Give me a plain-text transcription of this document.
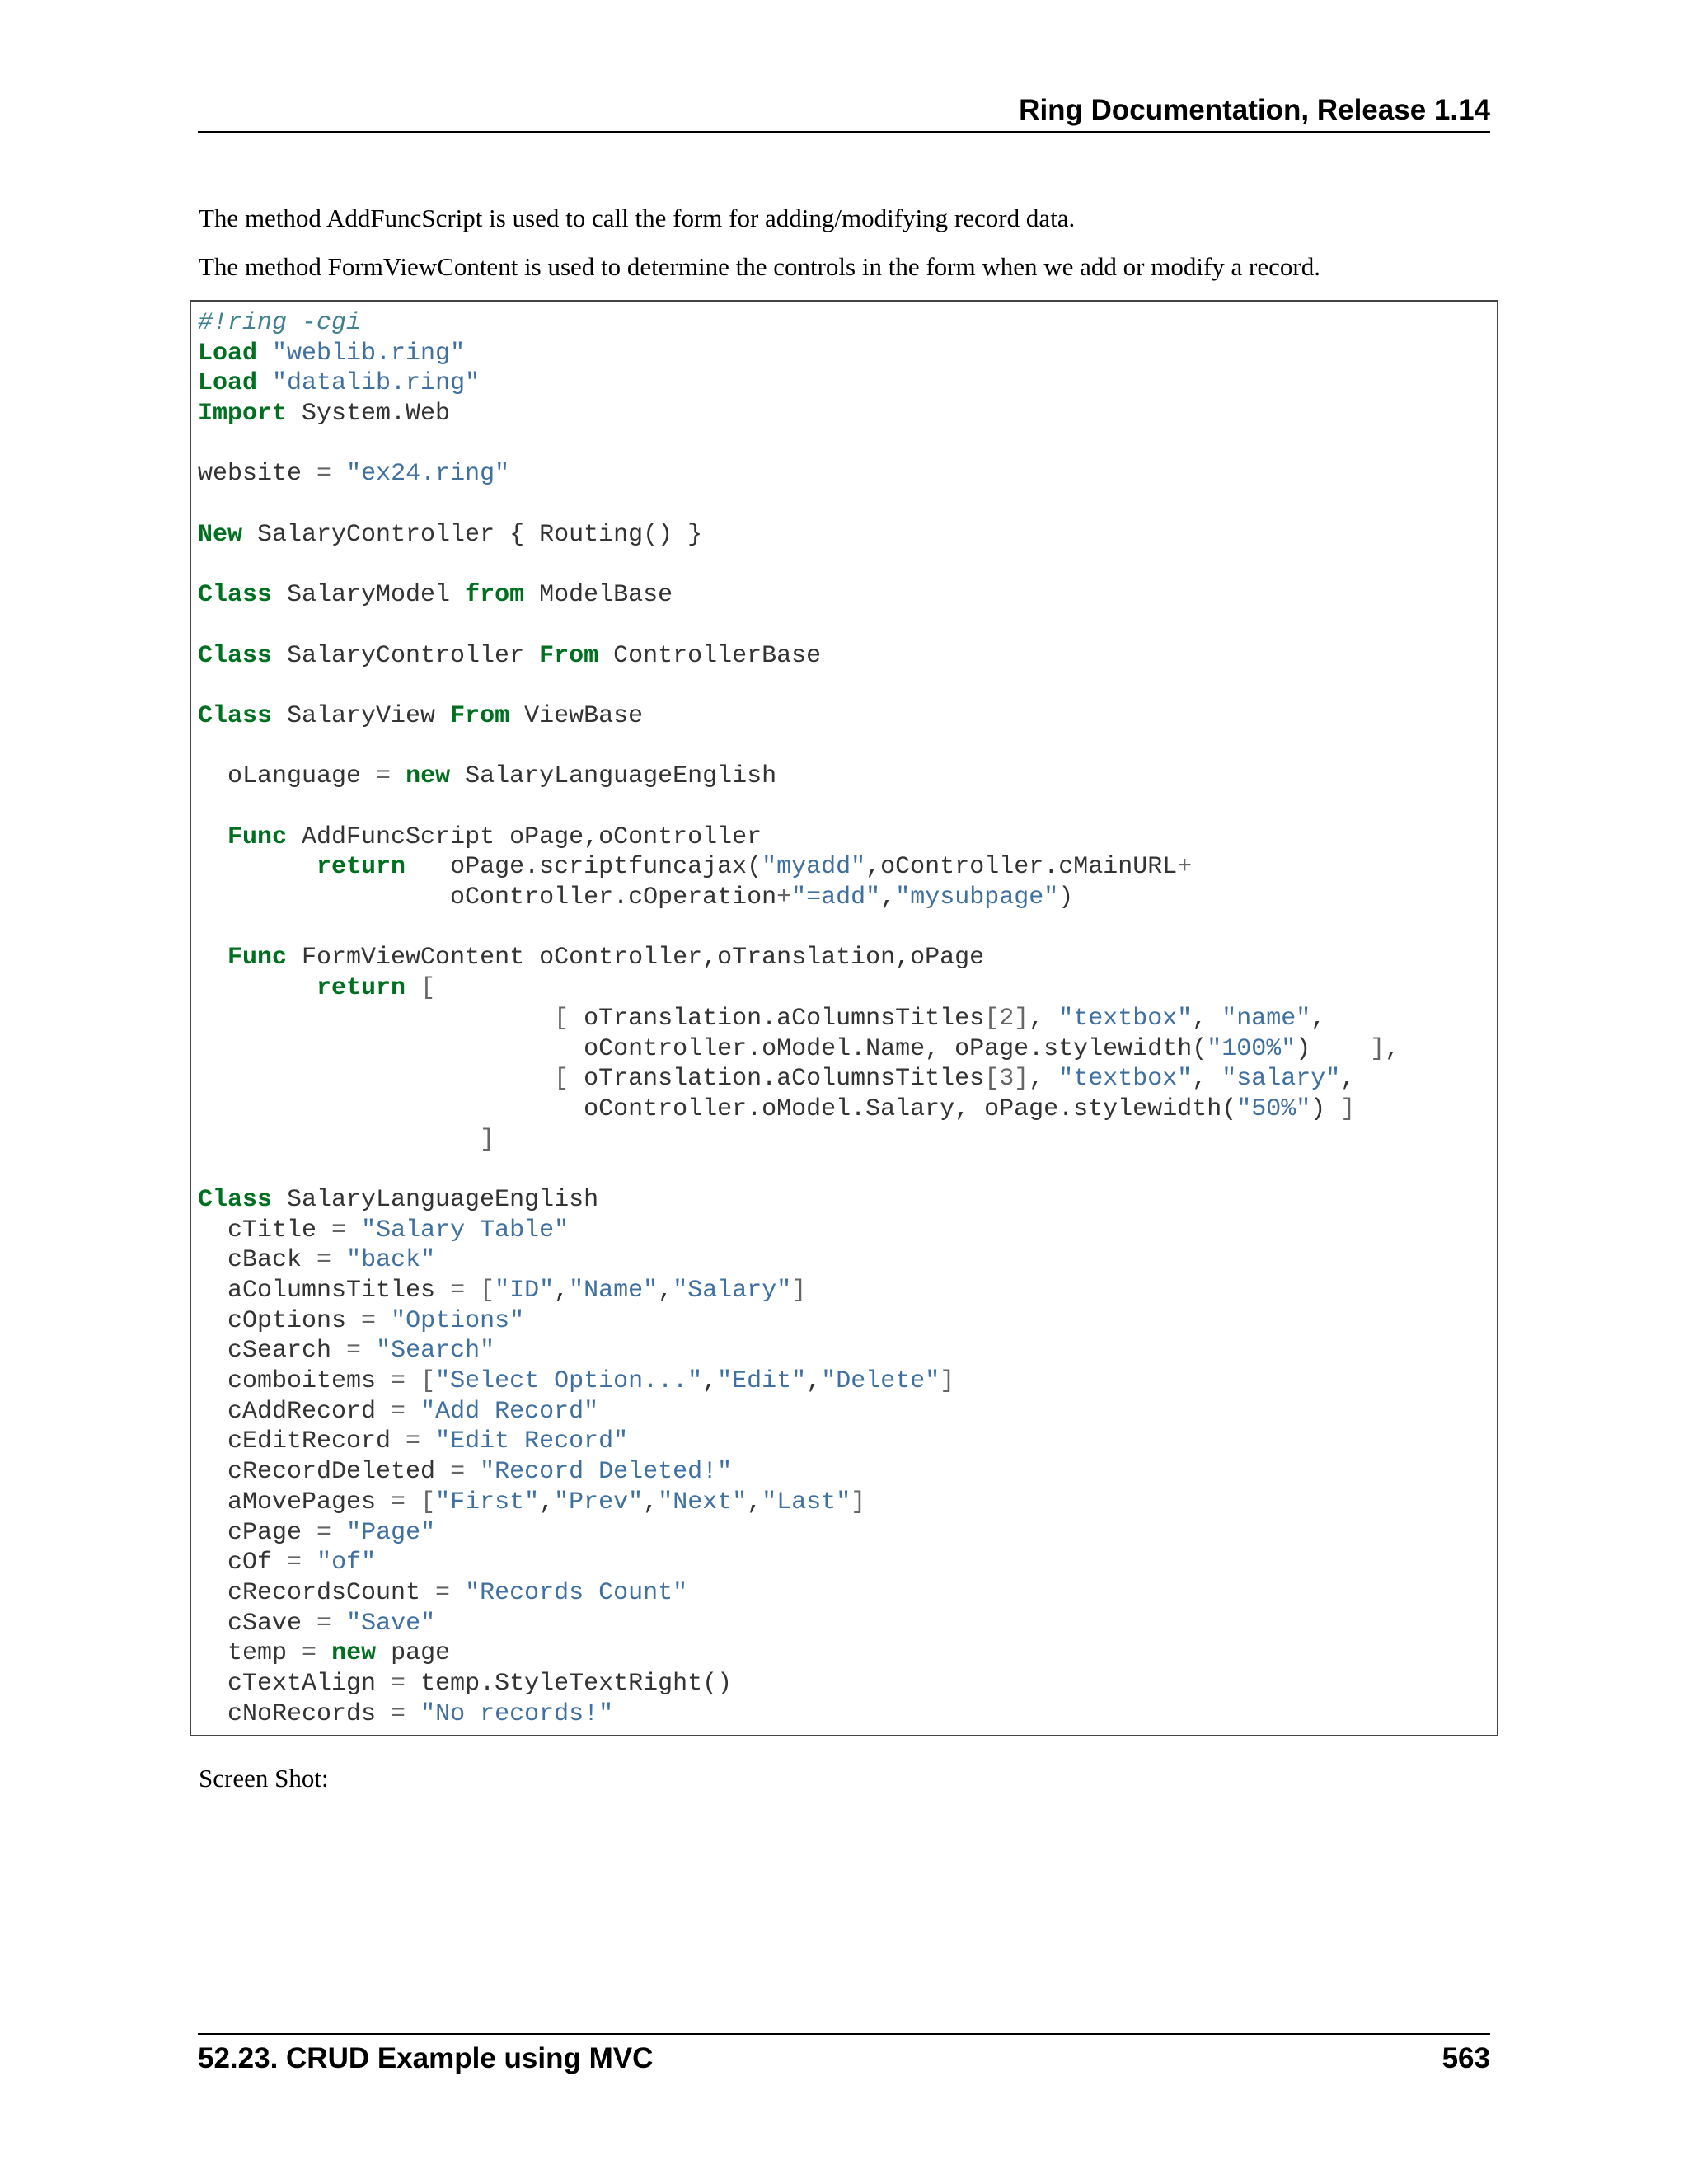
Ring Documentation, Release 1.14

The method AddFuncScript is used to call the form for adding/modifying record data.

The method FormViewContent is used to determine the controls in the form when we add or modify a record.

#!ring -cgi
Load "weblib.ring"
Load "datalib.ring"
Import System.Web
website = "ex24.ring"
New SalaryController { Routing() }
Class SalaryModel from ModelBase
Class SalaryController From ControllerBase
Class SalaryView From ViewBase
oLanguage = new SalaryLanguageEnglish
Func AddFuncScript oPage,oController
return   oPage.scriptfuncajax("myadd",oController.cMainURL+
oController.cOperation+"=add","mysubpage")
Func FormViewContent oController,oTranslation,oPage
return [
[ oTranslation.aColumnsTitles[2], "textbox", "name",
oController.oModel.Name, oPage.stylewidth("100%")    ],
[ oTranslation.aColumnsTitles[3], "textbox", "salary",
oController.oModel.Salary, oPage.stylewidth("50%") ]
]
Class SalaryLanguageEnglish
cTitle = "Salary Table"
cBack = "back"
aColumnsTitles = ["ID","Name","Salary"]
cOptions = "Options"
cSearch = "Search"
comboitems = ["Select Option...","Edit","Delete"]
cAddRecord = "Add Record"
cEditRecord = "Edit Record"
cRecordDeleted = "Record Deleted!"
aMovePages = ["First","Prev","Next","Last"]
cPage = "Page"
cOf = "of"
cRecordsCount = "Records Count"
cSave = "Save"
temp = new page
cTextAlign = temp.StyleTextRight()
cNoRecords = "No records!"

Screen Shot:

52.23. CRUD Example using MVC	563
